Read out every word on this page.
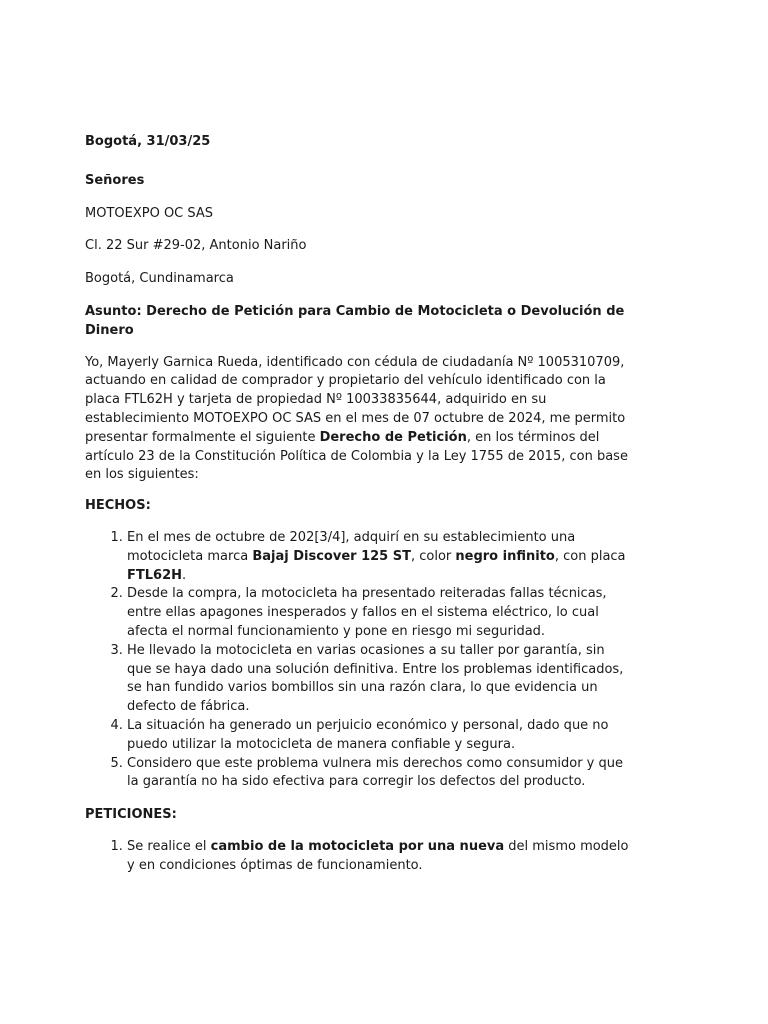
Bogotá, 31/03/25

Señores

MOTOEXPO OC SAS

Cl. 22 Sur #29-02, Antonio Nariño

Bogotá, Cundinamarca

Asunto: Derecho de Petición para Cambio de Motocicleta o Devolución de Dinero

Yo, Mayerly Garnica Rueda, identificado con cédula de ciudadanía Nº 1005310709, actuando en calidad de comprador y propietario del vehículo identificado con la placa FTL62H y tarjeta de propiedad Nº 10033835644, adquirido en su establecimiento MOTOEXPO OC SAS en el mes de 07 octubre de 2024, me permito presentar formalmente el siguiente Derecho de Petición, en los términos del artículo 23 de la Constitución Política de Colombia y la Ley 1755 de 2015, con base en los siguientes:

HECHOS:

1. En el mes de octubre de 202[3/4], adquirí en su establecimiento una motocicleta marca Bajaj Discover 125 ST, color negro infinito, con placa FTL62H.
2. Desde la compra, la motocicleta ha presentado reiteradas fallas técnicas, entre ellas apagones inesperados y fallos en el sistema eléctrico, lo cual afecta el normal funcionamiento y pone en riesgo mi seguridad.
3. He llevado la motocicleta en varias ocasiones a su taller por garantía, sin que se haya dado una solución definitiva. Entre los problemas identificados, se han fundido varios bombillos sin una razón clara, lo que evidencia un defecto de fábrica.
4. La situación ha generado un perjuicio económico y personal, dado que no puedo utilizar la motocicleta de manera confiable y segura.
5. Considero que este problema vulnera mis derechos como consumidor y que la garantía no ha sido efectiva para corregir los defectos del producto.

PETICIONES:

1. Se realice el cambio de la motocicleta por una nueva del mismo modelo y en condiciones óptimas de funcionamiento.
